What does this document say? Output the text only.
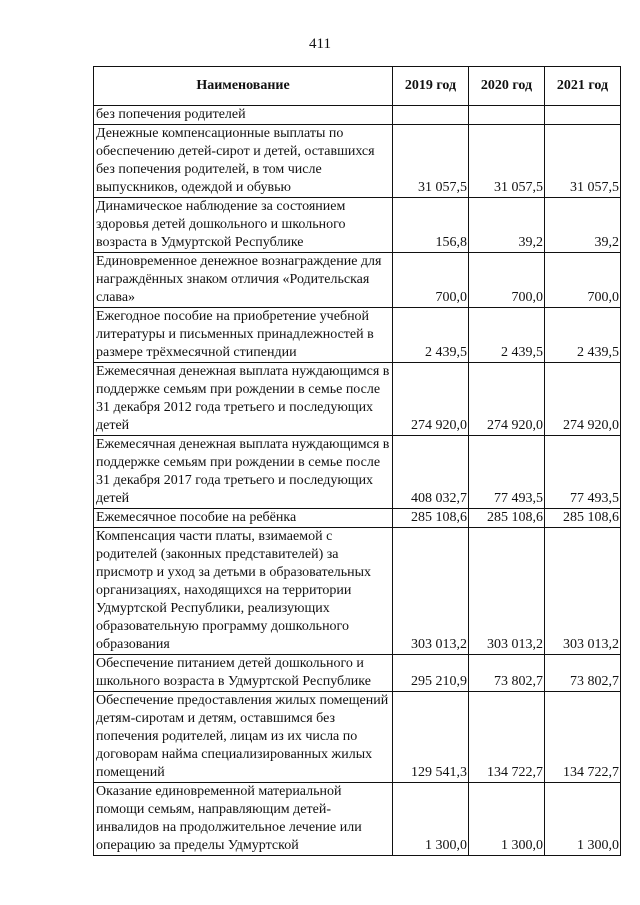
411
Наименование	2019 год	2020 год	2021 год
без попечения родителей			
Денежные компенсационные выплаты по обеспечению детей-сирот и детей, оставшихся без попечения родителей, в том числе выпускников, одеждой и обувью	31 057,5	31 057,5	31 057,5
Динамическое наблюдение за состоянием здоровья детей дошкольного и школьного возраста в Удмуртской Республике	156,8	39,2	39,2
Единовременное денежное вознаграждение для награждённых знаком отличия «Родительская слава»	700,0	700,0	700,0
Ежегодное пособие на приобретение учебной литературы и письменных принадлежностей в размере трёхмесячной стипендии	2 439,5	2 439,5	2 439,5
Ежемесячная денежная выплата нуждающимся в поддержке семьям при рождении в семье после 31 декабря 2012 года третьего и последующих детей	274 920,0	274 920,0	274 920,0
Ежемесячная денежная выплата нуждающимся в поддержке семьям при рождении в семье после 31 декабря 2017 года третьего и последующих детей	408 032,7	77 493,5	77 493,5
Ежемесячное пособие на ребёнка	285 108,6	285 108,6	285 108,6
Компенсация части платы, взимаемой с родителей (законных представителей) за присмотр и уход за детьми в образовательных организациях, находящихся на территории Удмуртской Республики, реализующих образовательную программу дошкольного образования	303 013,2	303 013,2	303 013,2
Обеспечение питанием детей дошкольного и школьного возраста в Удмуртской Республике	295 210,9	73 802,7	73 802,7
Обеспечение предоставления жилых помещений детям-сиротам и детям, оставшимся без попечения родителей, лицам из их числа по договорам найма специализированных жилых помещений	129 541,3	134 722,7	134 722,7
Оказание единовременной материальной помощи семьям, направляющим детей-инвалидов на продолжительное лечение или операцию за пределы Удмуртской	1 300,0	1 300,0	1 300,0
